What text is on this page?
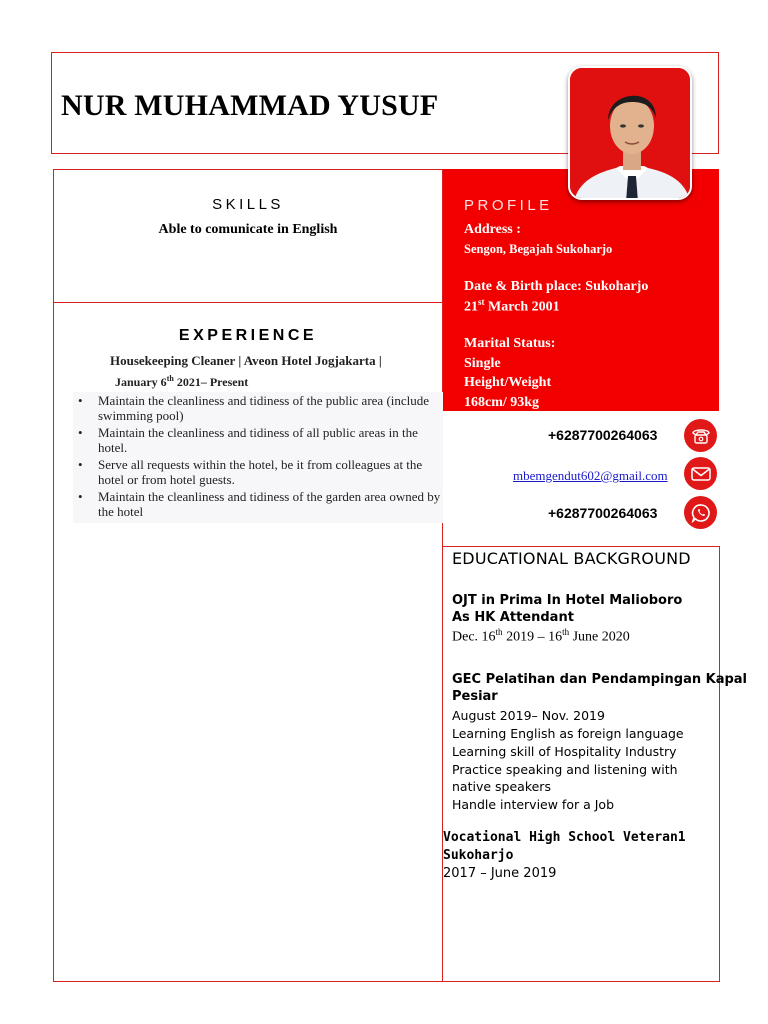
NUR MUHAMMAD YUSUF
PROFILE
Address :
Sengon, Begajah Sukoharjo
Date & Birth place: Sukoharjo
21st March 2001
Marital Status:
Single
Height/Weight
168cm/ 93kg
SKILLS
Able to comunicate in English
EXPERIENCE
Housekeeping Cleaner | Aveon Hotel Jogjakarta |
January 6th 2021– Present
• Maintain the cleanliness and tidiness of the public area (include swimming pool)
• Maintain the cleanliness and tidiness of all public areas in the hotel.
• Serve all requests within the hotel, be it from colleagues at the hotel or from hotel guests.
• Maintain the cleanliness and tidiness of the garden area owned by the hotel
+6287700264063
mbemgendut602@gmail.com
+6287700264063
EDUCATIONAL BACKGROUND
OJT in Prima In Hotel Malioboro
As HK Attendant
Dec. 16th 2019 – 16th June 2020
GEC Pelatihan dan Pendampingan Kapal
Pesiar
August 2019– Nov. 2019
Learning English as foreign language
Learning skill of Hospitality Industry
Practice speaking and listening with
native speakers
Handle interview for a Job
Vocational High School Veteran1
Sukoharjo
2017 – June 2019
